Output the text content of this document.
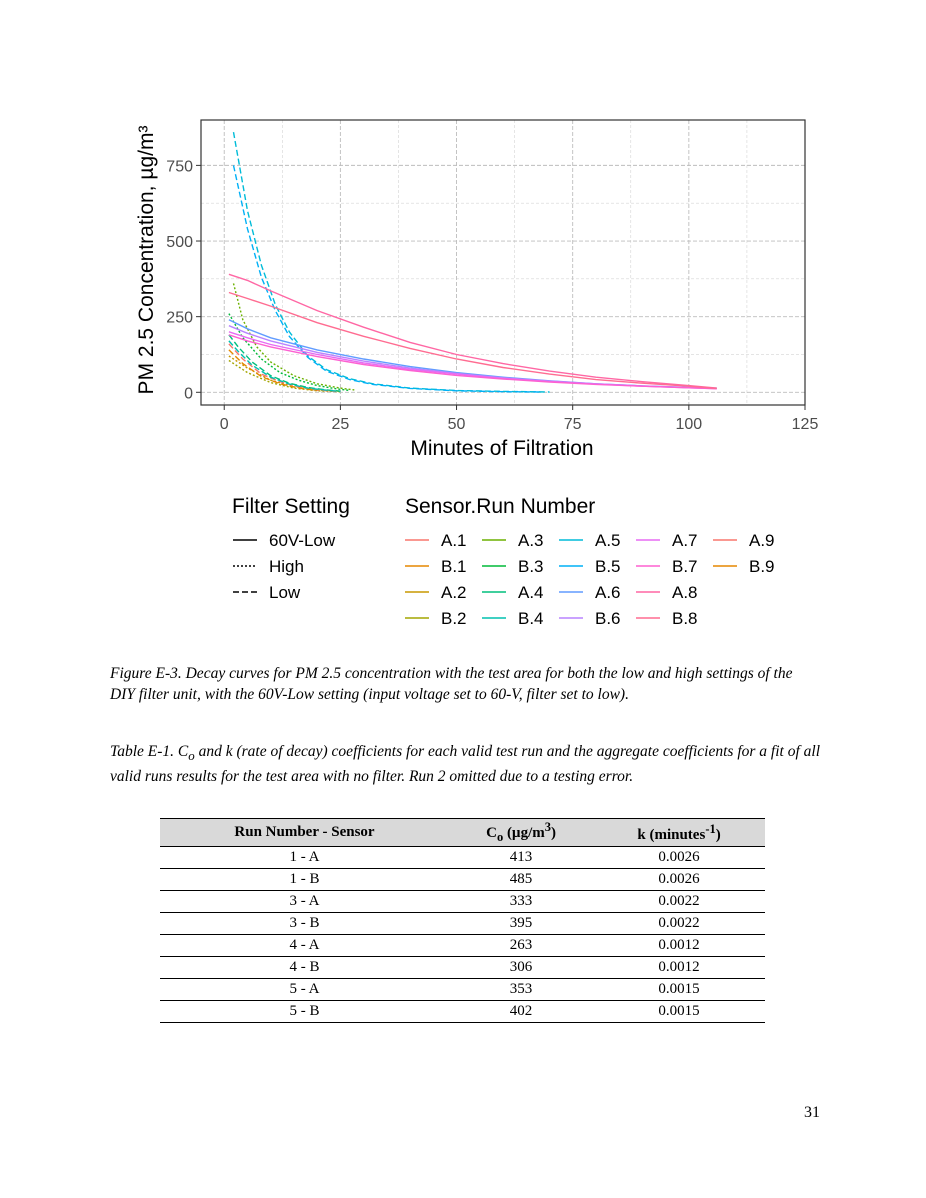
0	25	50	75	100	125
0
250
500
750
Minutes of Filtration
PM 2.5 Concentration, µg/m³
Filter Setting	Sensor.Run Number
60V-Low
High
Low
A.1
B.1
A.2
B.2
A.3
B.3
A.4
B.4
A.5
B.5
A.6
B.6
A.7
B.7
A.8
B.8
A.9
B.9
Figure E-3. Decay curves for PM 2.5 concentration with the test area for both the low and high settings of the DIY filter unit, with the 60V-Low setting (input voltage set to 60-V, filter set to low).
Table E-1. $C_o$ and k (rate of decay) coefficients for each valid test run and the aggregate coefficients for a fit of all valid runs results for the test area with no filter. Run 2 omitted due to a testing error.
Run Number - Sensor	$C_o$ $(\mu g/m^3)$	k (minutes$^{-1}$)
1 - A	413	0.0026
1 - B	485	0.0026
3 - A	333	0.0022
3 - B	395	0.0022
4 - A	263	0.0012
4 - B	306	0.0012
5 - A	353	0.0015
5 - B	402	0.0015
31
